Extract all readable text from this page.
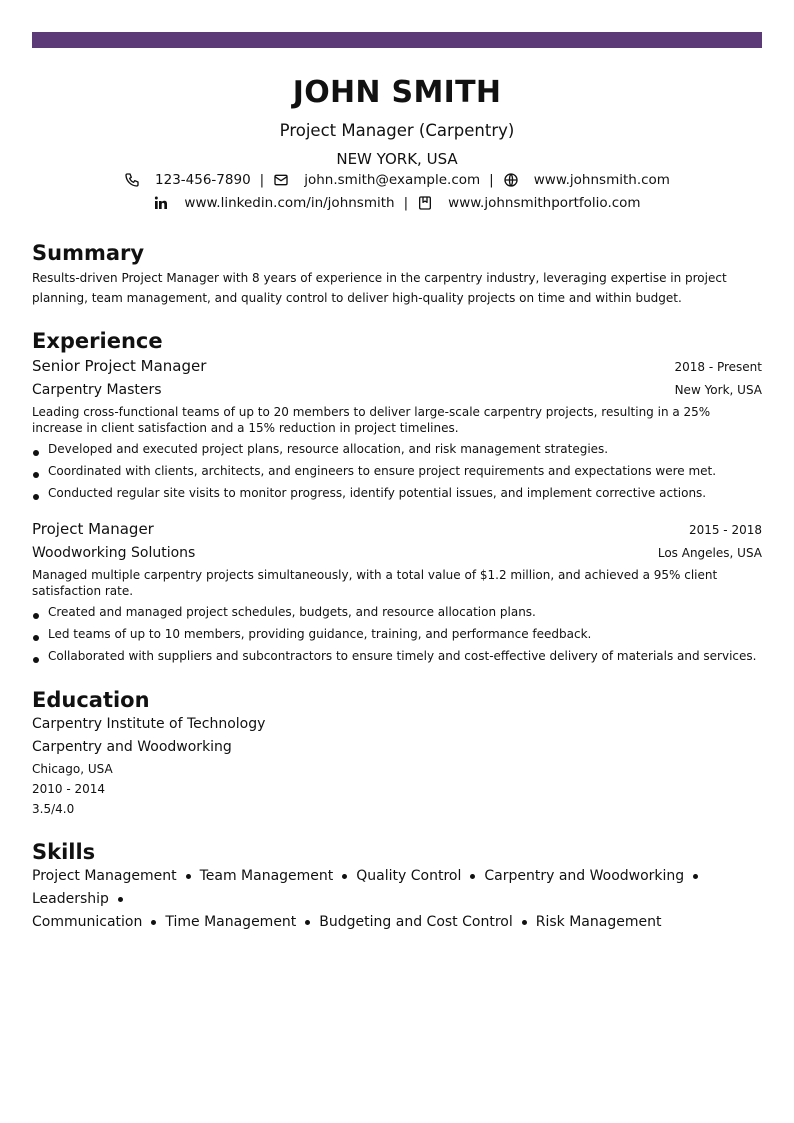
JOHN SMITH
Project Manager (Carpentry)
NEW YORK, USA
123-456-7890 |	john.smith@example.com |	www.johnsmith.com
www.linkedin.com/in/johnsmith |	www.johnsmithportfolio.com
Summary
Results-driven Project Manager with 8 years of experience in the carpentry industry, leveraging expertise in project planning, team management, and quality control to deliver high-quality projects on time and within budget.
Experience
Senior Project Manager	2018 - Present
Carpentry Masters	New York, USA
Leading cross-functional teams of up to 20 members to deliver large-scale carpentry projects, resulting in a 25% increase in client satisfaction and a 15% reduction in project timelines.
Developed and executed project plans, resource allocation, and risk management strategies.
Coordinated with clients, architects, and engineers to ensure project requirements and expectations were met.
Conducted regular site visits to monitor progress, identify potential issues, and implement corrective actions.
Project Manager	2015 - 2018
Woodworking Solutions	Los Angeles, USA
Managed multiple carpentry projects simultaneously, with a total value of $1.2 million, and achieved a 95% client satisfaction rate.
Created and managed project schedules, budgets, and resource allocation plans.
Led teams of up to 10 members, providing guidance, training, and performance feedback.
Collaborated with suppliers and subcontractors to ensure timely and cost-effective delivery of materials and services.
Education
Carpentry Institute of Technology
Carpentry and Woodworking
Chicago, USA
2010 - 2014
3.5/4.0
Skills
Project Management Team Management Quality Control Carpentry and WoodworkingLeadership
Communication Time Management Budgeting and Cost Control Risk Management
